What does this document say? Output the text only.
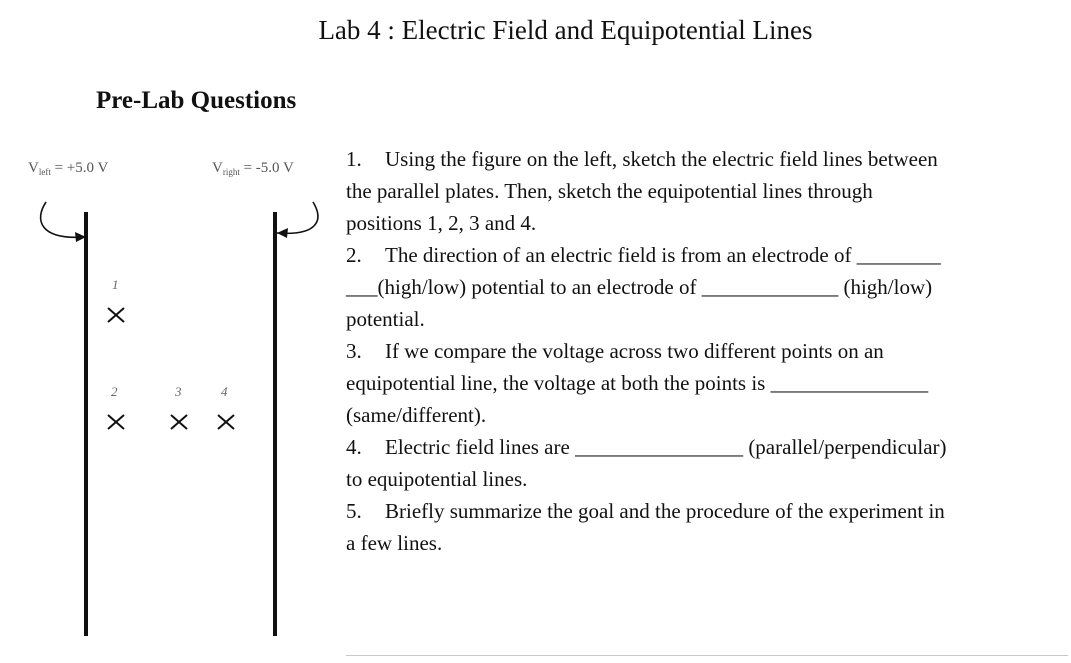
Lab 4 : Electric Field and Equipotential Lines
Pre-Lab Questions
$V_{left} = +5.0$ V	$V_{right} = -5.0$ V
1
2	3	4
1. Using the figure on the left, sketch the electric field lines between
the parallel plates. Then, sketch the equipotential lines through
positions 1, 2, 3 and 4.
2. The direction of an electric field is from an electrode of ________
___(high/low) potential to an electrode of _____________ (high/low)
potential.
3. If we compare the voltage across two different points on an
equipotential line, the voltage at both the points is _______________
(same/different).
4. Electric field lines are ________________ (parallel/perpendicular)
to equipotential lines.
5. Briefly summarize the goal and the procedure of the experiment in
a few lines.
